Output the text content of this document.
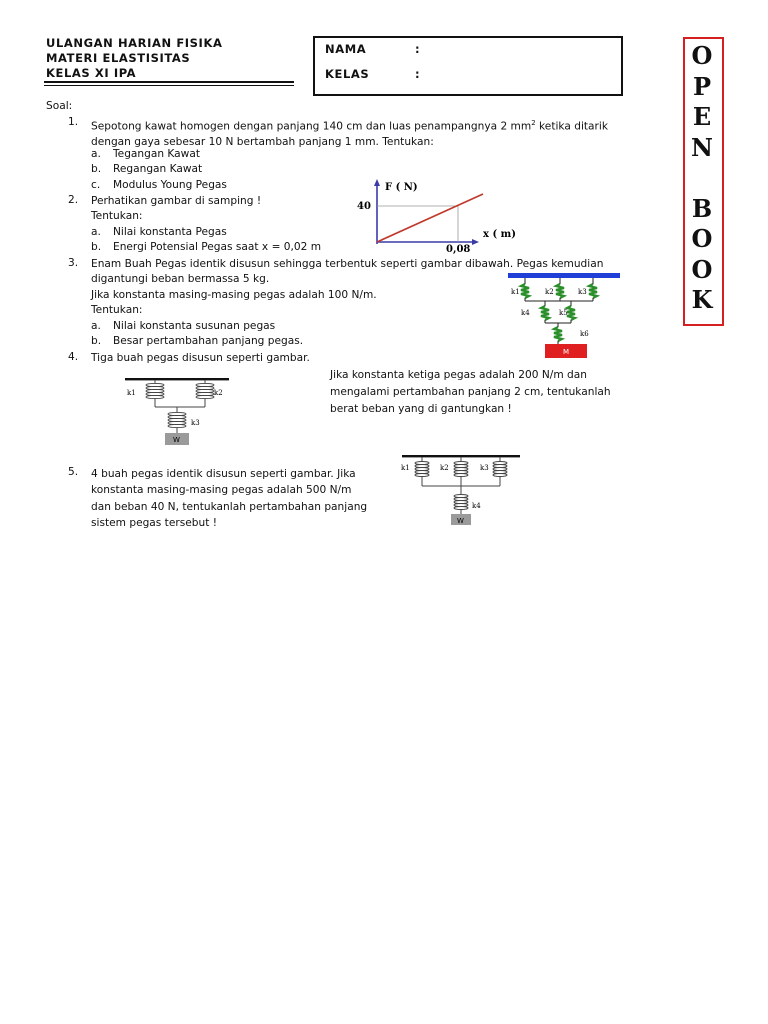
ULANGAN HARIAN FISIKA
MATERI ELASTISITAS
KELAS XI IPA
NAMA	:
KELAS	:
O
P
E
N
B
O
O
K
Soal:
1. Sepotong kawat homogen dengan panjang 140 cm dan luas penampangnya 2 $mm^2$ ketika ditarik
dengan gaya sebesar 10 N bertambah panjang 1 mm. Tentukan:
a. Tegangan Kawat
b. Regangan Kawat
c. Modulus Young Pegas
2. Perhatikan gambar di samping !
Tentukan:
a. Nilai konstanta Pegas
b. Energi Potensial Pegas saat x = 0,02 m
F ( N)
x ( m)
40
0,08
3. Enam Buah Pegas identik disusun sehingga terbentuk seperti gambar dibawah. Pegas kemudian
digantungi beban bermassa 5 kg.
Jika konstanta masing-masing pegas adalah 100 N/m.
Tentukan:
a. Nilai konstanta susunan pegas
b. Besar pertambahan panjang pegas.
M
k1	k2	k3
k4	k5
k6
4. Tiga buah pegas disusun seperti gambar.
Jika konstanta ketiga pegas adalah 200 N/m dan
mengalami pertambahan panjang 2 cm, tentukanlah
berat beban yang di gantungkan !
W
k1	k2
k3
5. 4 buah pegas identik disusun seperti gambar. Jika
konstanta masing-masing pegas adalah 500 N/m
dan beban 40 N, tentukanlah pertambahan panjang
sistem pegas tersebut !	W
k1	k2	k3
k4
